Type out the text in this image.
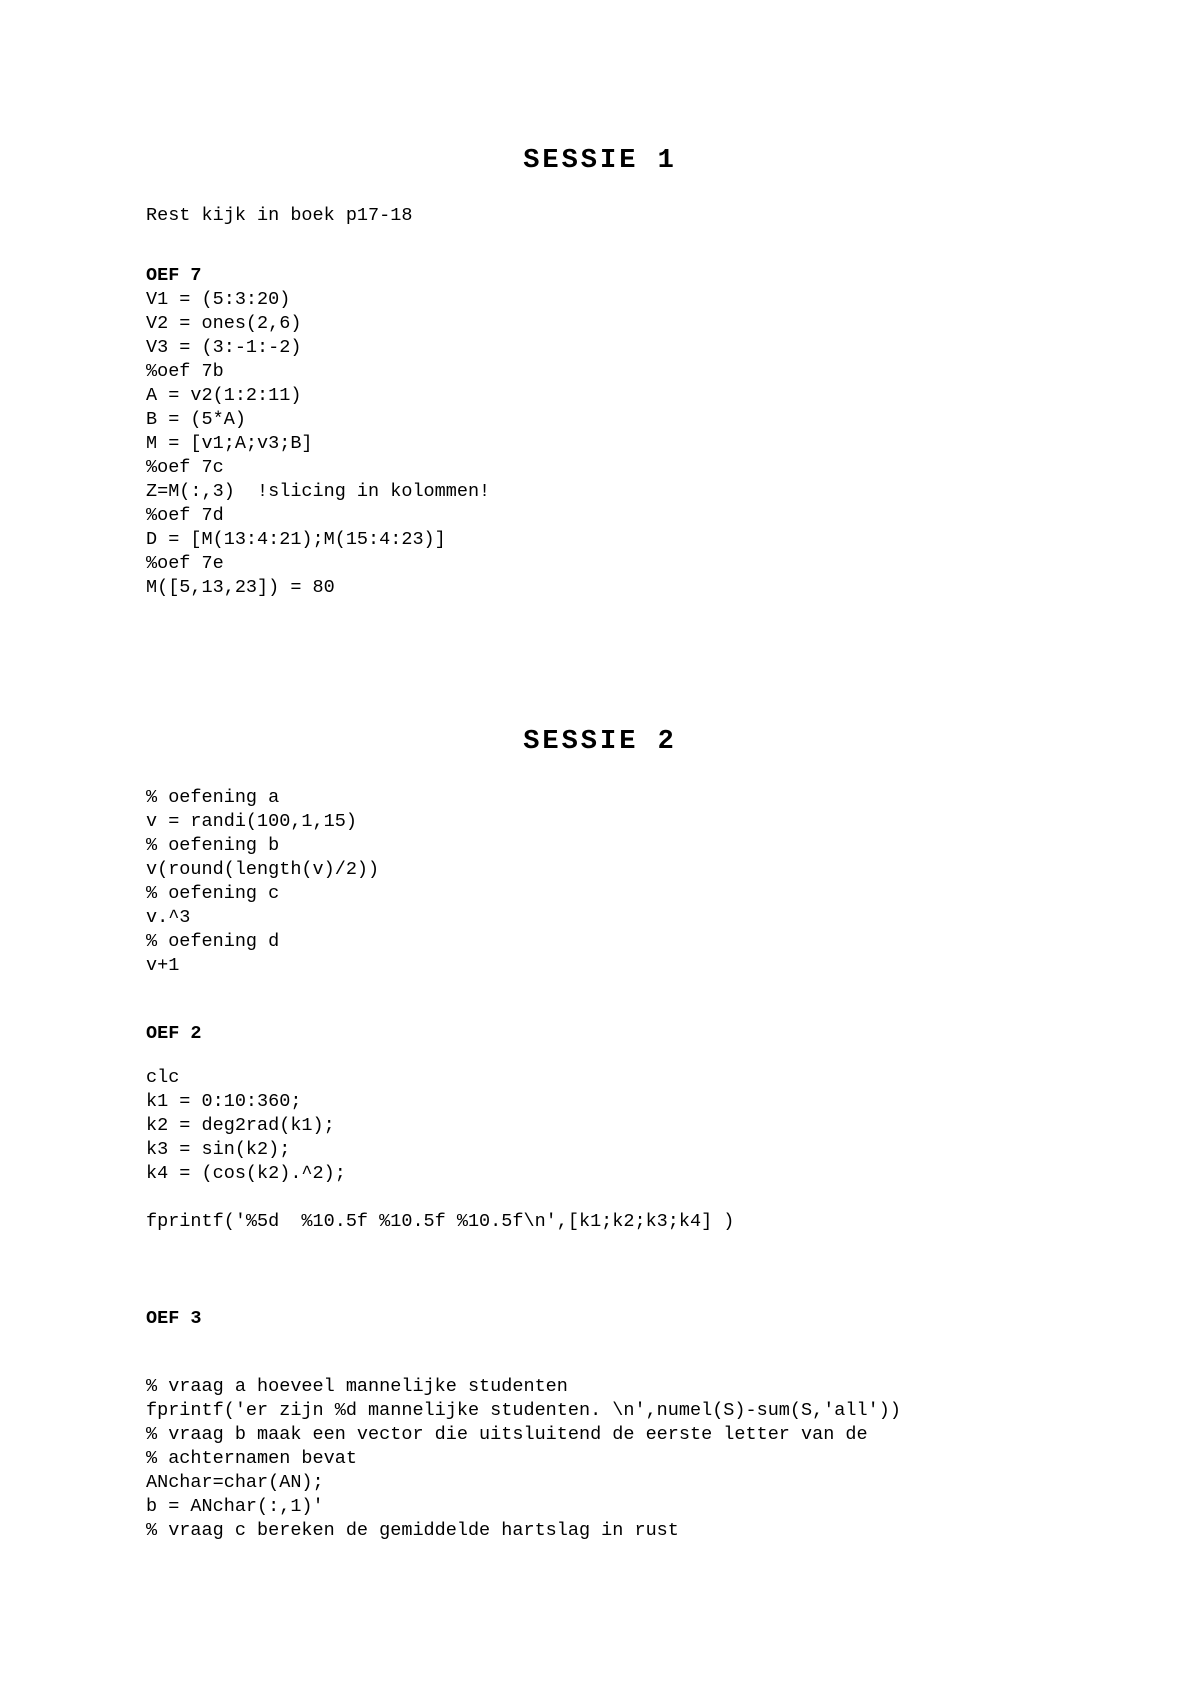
SESSIE 1
Rest kijk in boek p17-18
OEF 7
V1 = (5:3:20)
V2 = ones(2,6)
V3 = (3:-1:-2)
%oef 7b
A = v2(1:2:11)
B = (5*A)
M = [v1;A;v3;B]
%oef 7c
Z=M(:,3)  !slicing in kolommen!
%oef 7d
D = [M(13:4:21);M(15:4:23)]
%oef 7e
M([5,13,23]) = 80
SESSIE 2
% oefening a
v = randi(100,1,15)
% oefening b
v(round(length(v)/2))
% oefening c
v.^3
% oefening d
v+1
OEF 2
clc
k1 = 0:10:360;
k2 = deg2rad(k1);
k3 = sin(k2);
k4 = (cos(k2).^2);
fprintf('%5d  %10.5f %10.5f %10.5f\n',[k1;k2;k3;k4] )
OEF 3
% vraag a hoeveel mannelijke studenten
fprintf('er zijn %d mannelijke studenten. \n',numel(S)-sum(S,'all'))
% vraag b maak een vector die uitsluitend de eerste letter van de
% achternamen bevat
ANchar=char(AN);
b = ANchar(:,1)'
% vraag c bereken de gemiddelde hartslag in rust
